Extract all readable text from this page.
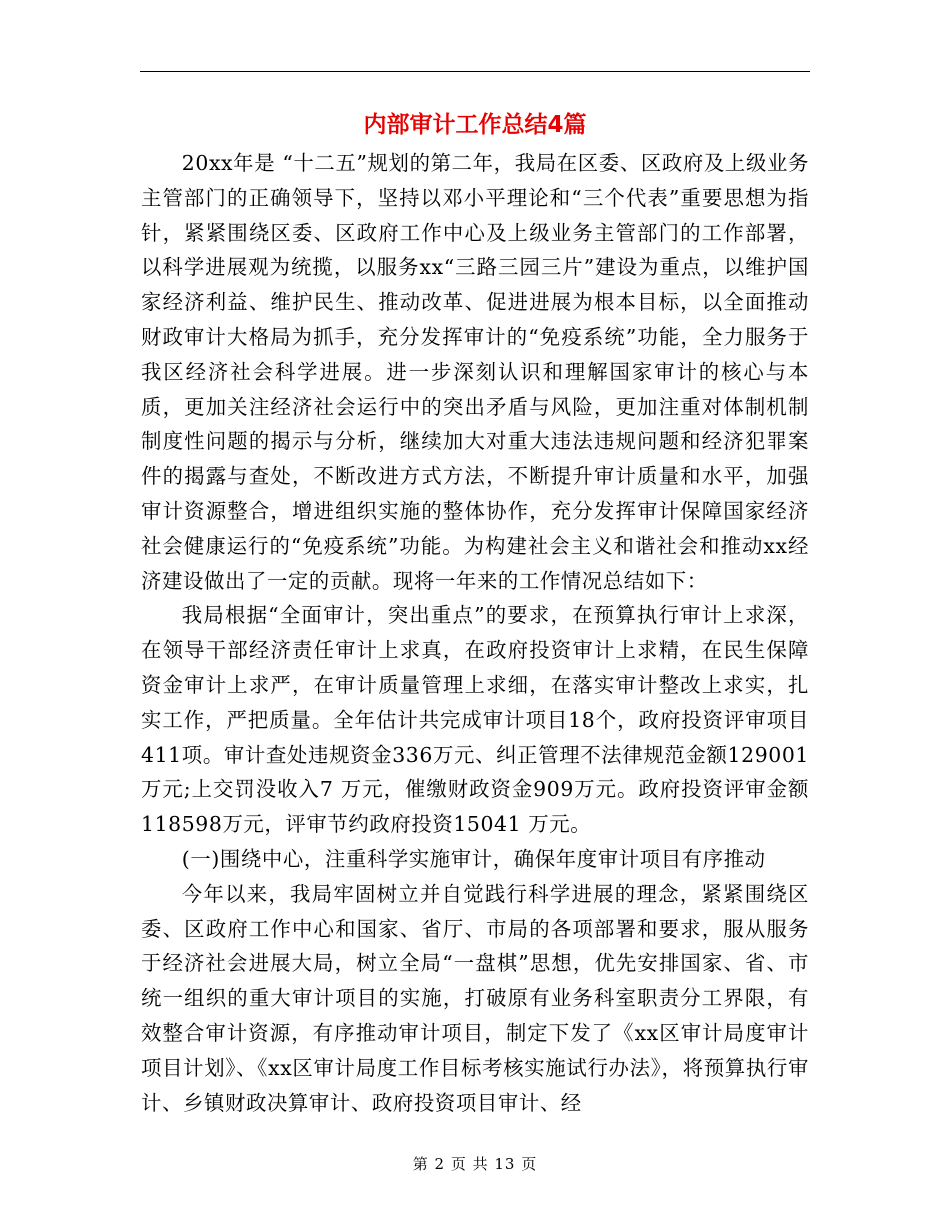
内部审计工作总结4篇

20xx年是 “十二五”规划的第二年，我局在区委、区政府及上级业务主管部门的正确领导下，坚持以邓小平理论和“三个代表”重要思想为指针，紧紧围绕区委、区政府工作中心及上级业务主管部门的工作部署，以科学进展观为统揽，以服务xx“三路三园三片”建设为重点，以维护国家经济利益、维护民生、推动改革、促进进展为根本目标，以全面推动财政审计大格局为抓手，充分发挥审计的“免疫系统”功能，全力服务于我区经济社会科学进展。进一步深刻认识和理解国家审计的核心与本质，更加关注经济社会运行中的突出矛盾与风险，更加注重对体制机制制度性问题的揭示与分析，继续加大对重大违法违规问题和经济犯罪案件的揭露与查处，不断改进方式方法，不断提升审计质量和水平，加强审计资源整合，增进组织实施的整体协作，充分发挥审计保障国家经济社会健康运行的“免疫系统”功能。为构建社会主义和谐社会和推动xx经济建设做出了一定的贡献。现将一年来的工作情况总结如下：

我局根据“全面审计，突出重点”的要求，在预算执行审计上求深，在领导干部经济责任审计上求真，在政府投资审计上求精，在民生保障资金审计上求严，在审计质量管理上求细，在落实审计整改上求实，扎实工作，严把质量。全年估计共完成审计项目18个，政府投资评审项目411项。审计查处违规资金336万元、纠正管理不法律规范金额129001万元;上交罚没收入7 万元，催缴财政资金909万元。政府投资评审金额 118598万元，评审节约政府投资15041 万元。

(一)围绕中心，注重科学实施审计，确保年度审计项目有序推动

今年以来，我局牢固树立并自觉践行科学进展的理念，紧紧围绕区委、区政府工作中心和国家、省厅、市局的各项部署和要求，服从服务于经济社会进展大局，树立全局“一盘棋”思想，优先安排国家、省、市统一组织的重大审计项目的实施，打破原有业务科室职责分工界限，有效整合审计资源，有序推动审计项目，制定下发了《xx区审计局度审计项目计划》、《xx区审计局度工作目标考核实施试行办法》，将预算执行审计、乡镇财政决算审计、政府投资项目审计、经

第 2 页 共 13 页
